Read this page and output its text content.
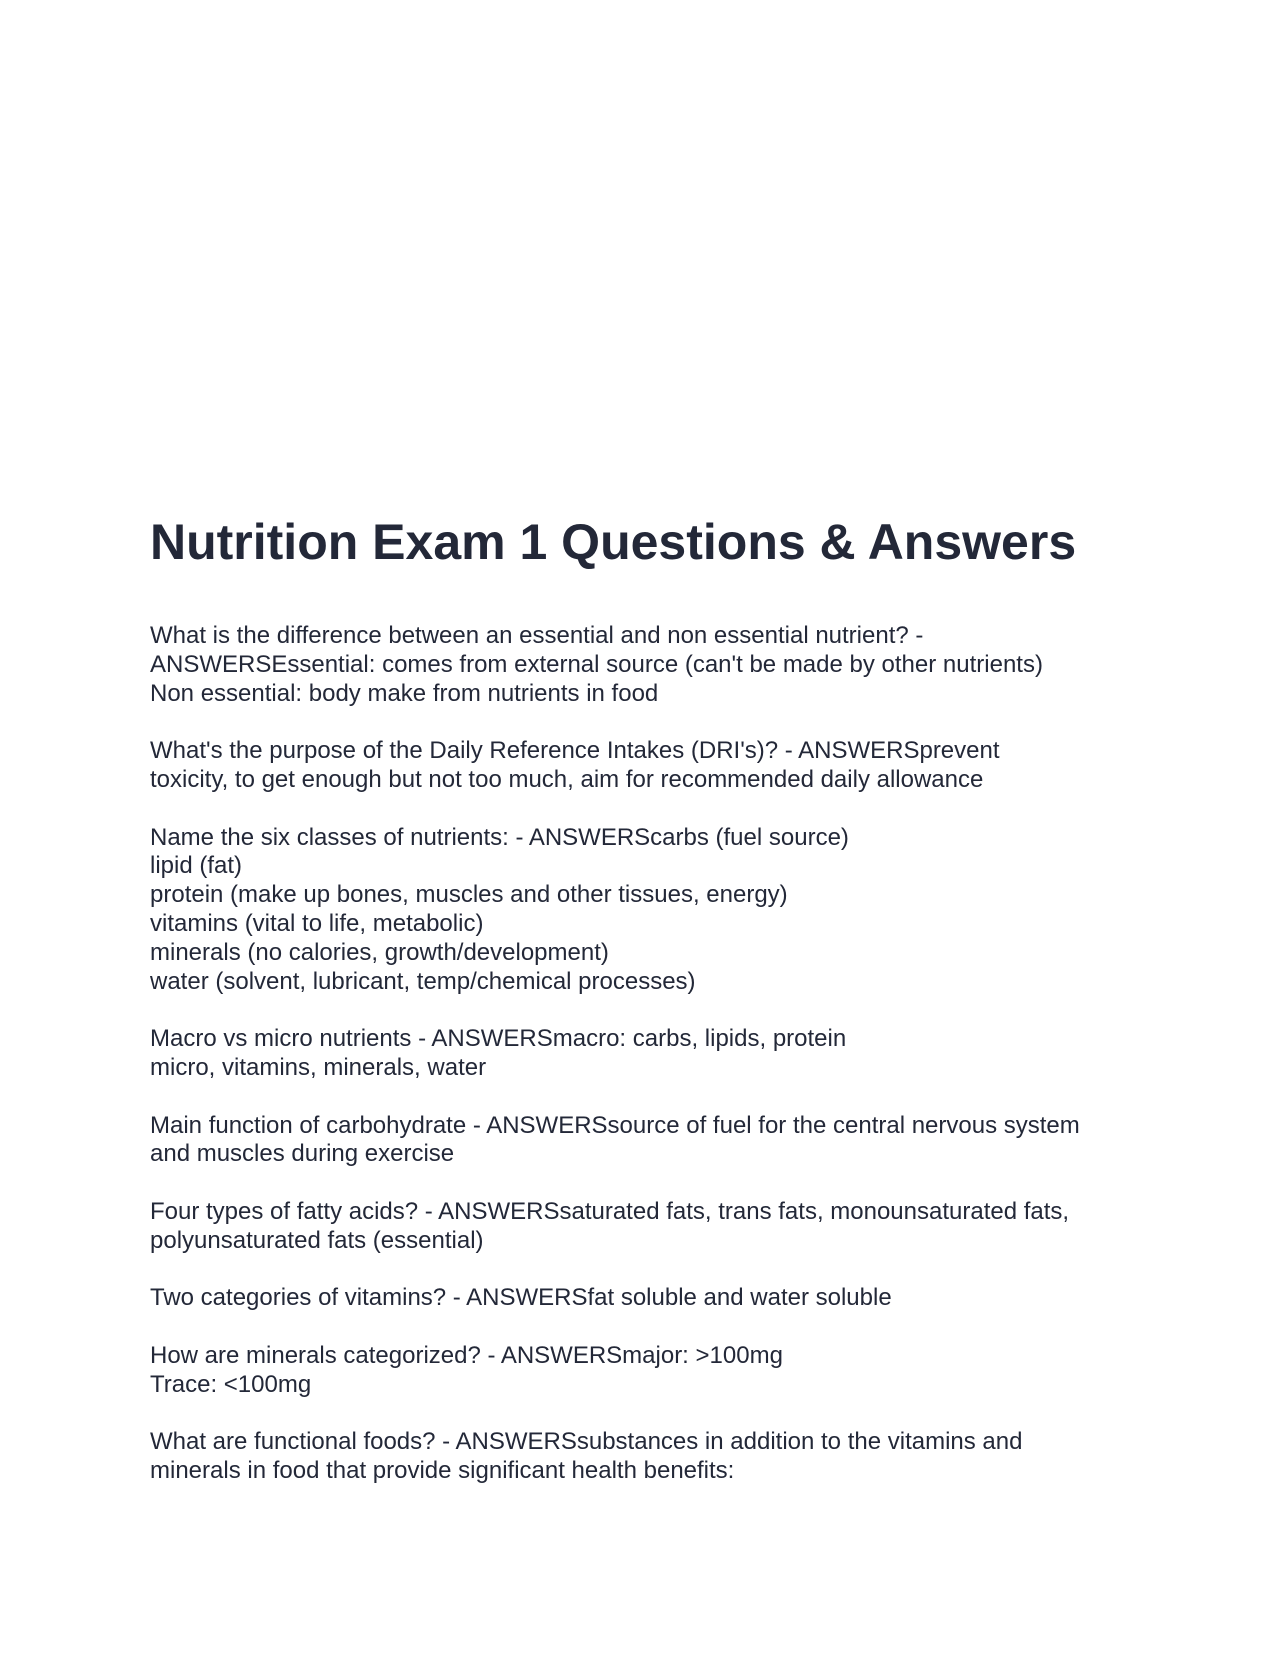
Nutrition Exam 1 Questions & Answers

What is the difference between an essential and non essential nutrient? -

ANSWERSEssential: comes from external source (can't be made by other nutrients)

Non essential: body make from nutrients in food

What's the purpose of the Daily Reference Intakes (DRI's)? - ANSWERSprevent

toxicity, to get enough but not too much, aim for recommended daily allowance

Name the six classes of nutrients: - ANSWERScarbs (fuel source)

lipid (fat)

protein (make up bones, muscles and other tissues, energy)

vitamins (vital to life, metabolic)

minerals (no calories, growth/development)

water (solvent, lubricant, temp/chemical processes)

Macro vs micro nutrients - ANSWERSmacro: carbs, lipids, protein

micro, vitamins, minerals, water

Main function of carbohydrate - ANSWERSsource of fuel for the central nervous system

and muscles during exercise

Four types of fatty acids? - ANSWERSsaturated fats, trans fats, monounsaturated fats,

polyunsaturated fats (essential)

Two categories of vitamins? - ANSWERSfat soluble and water soluble

How are minerals categorized? - ANSWERSmajor: >100mg

Trace: <100mg

What are functional foods? - ANSWERSsubstances in addition to the vitamins and

minerals in food that provide significant health benefits:
